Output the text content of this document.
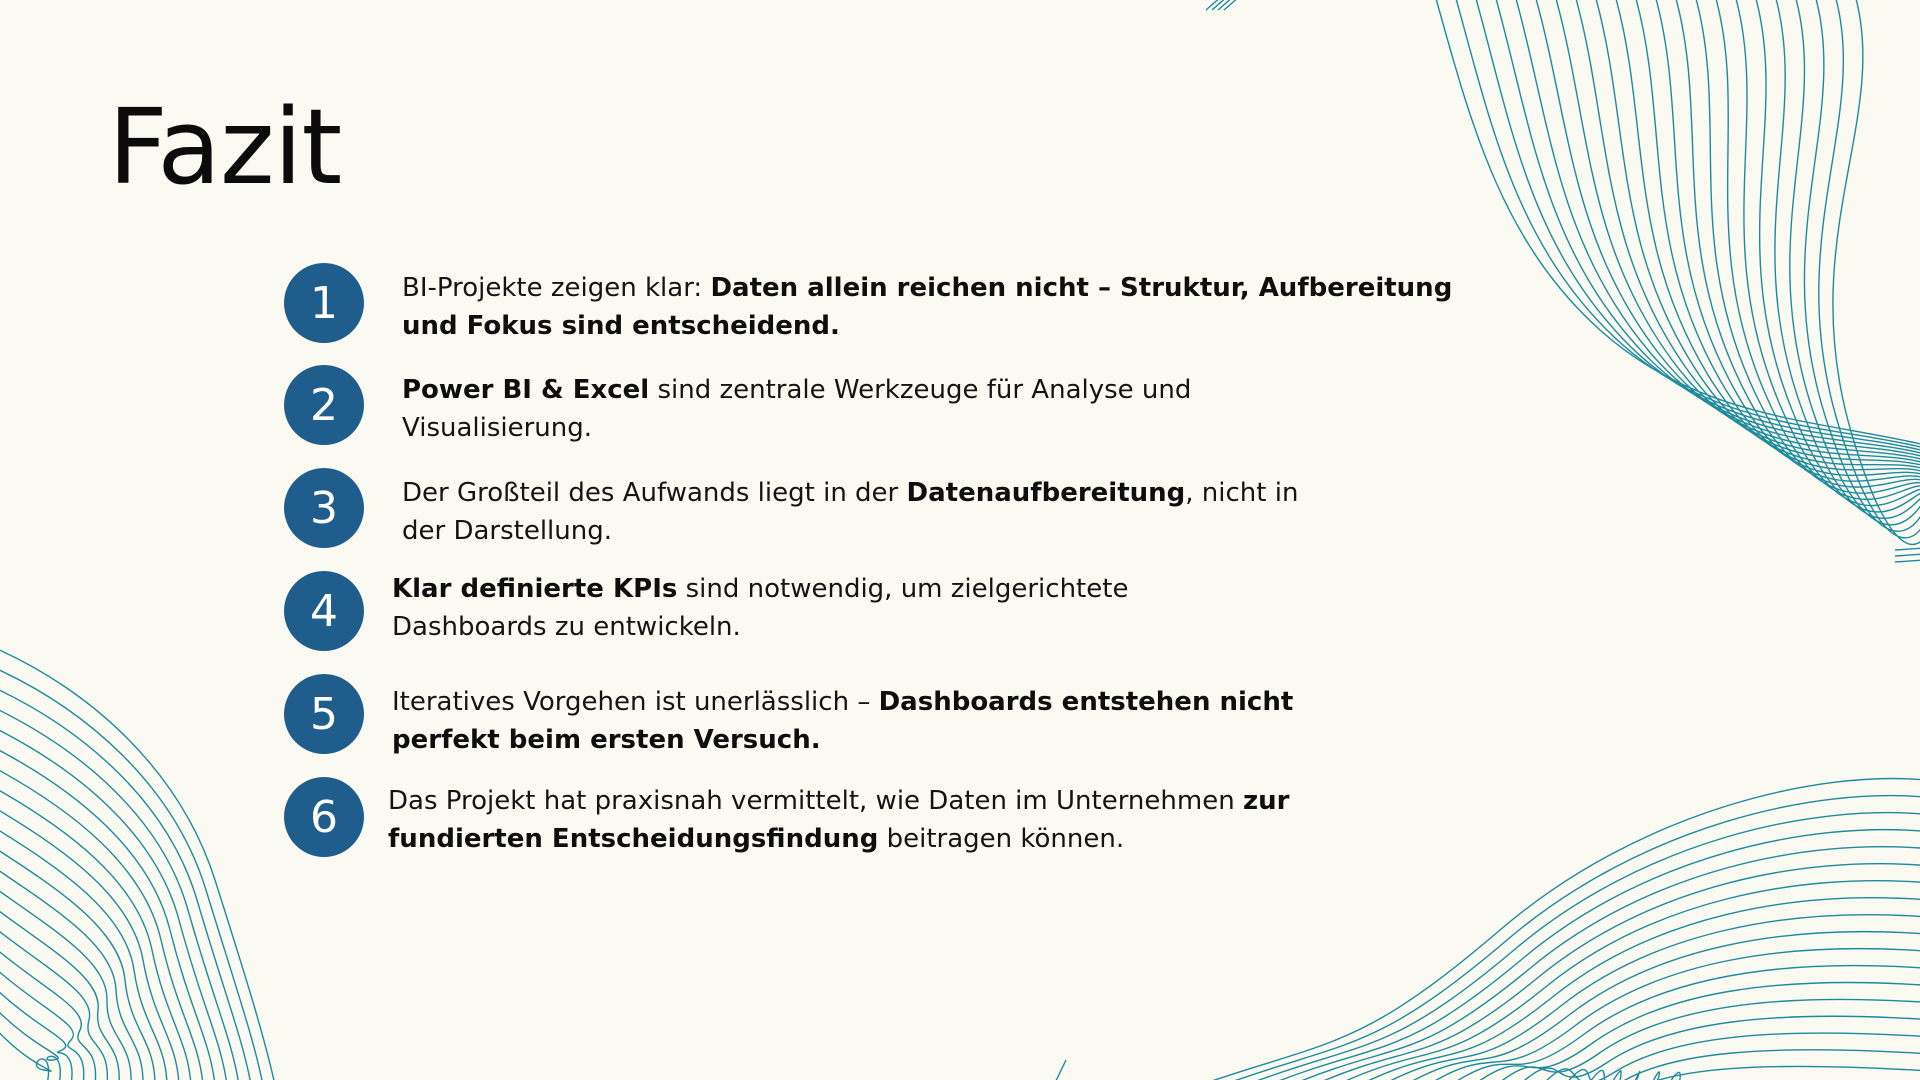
Fazit
1	BI-Projekte zeigen klar: Daten allein reichen nicht – Struktur, Aufbereitung
und Fokus sind entscheidend.
2	Power BI & Excel sind zentrale Werkzeuge für Analyse und
Visualisierung.
3	Der Großteil des Aufwands liegt in der Datenaufbereitung, nicht in
der Darstellung.
4	Klar definierte KPIs sind notwendig, um zielgerichtete
Dashboards zu entwickeln.
5	Iteratives Vorgehen ist unerlässlich – Dashboards entstehen nicht
perfekt beim ersten Versuch.
6	Das Projekt hat praxisnah vermittelt, wie Daten im Unternehmen zur
fundierten Entscheidungsfindung beitragen können.
